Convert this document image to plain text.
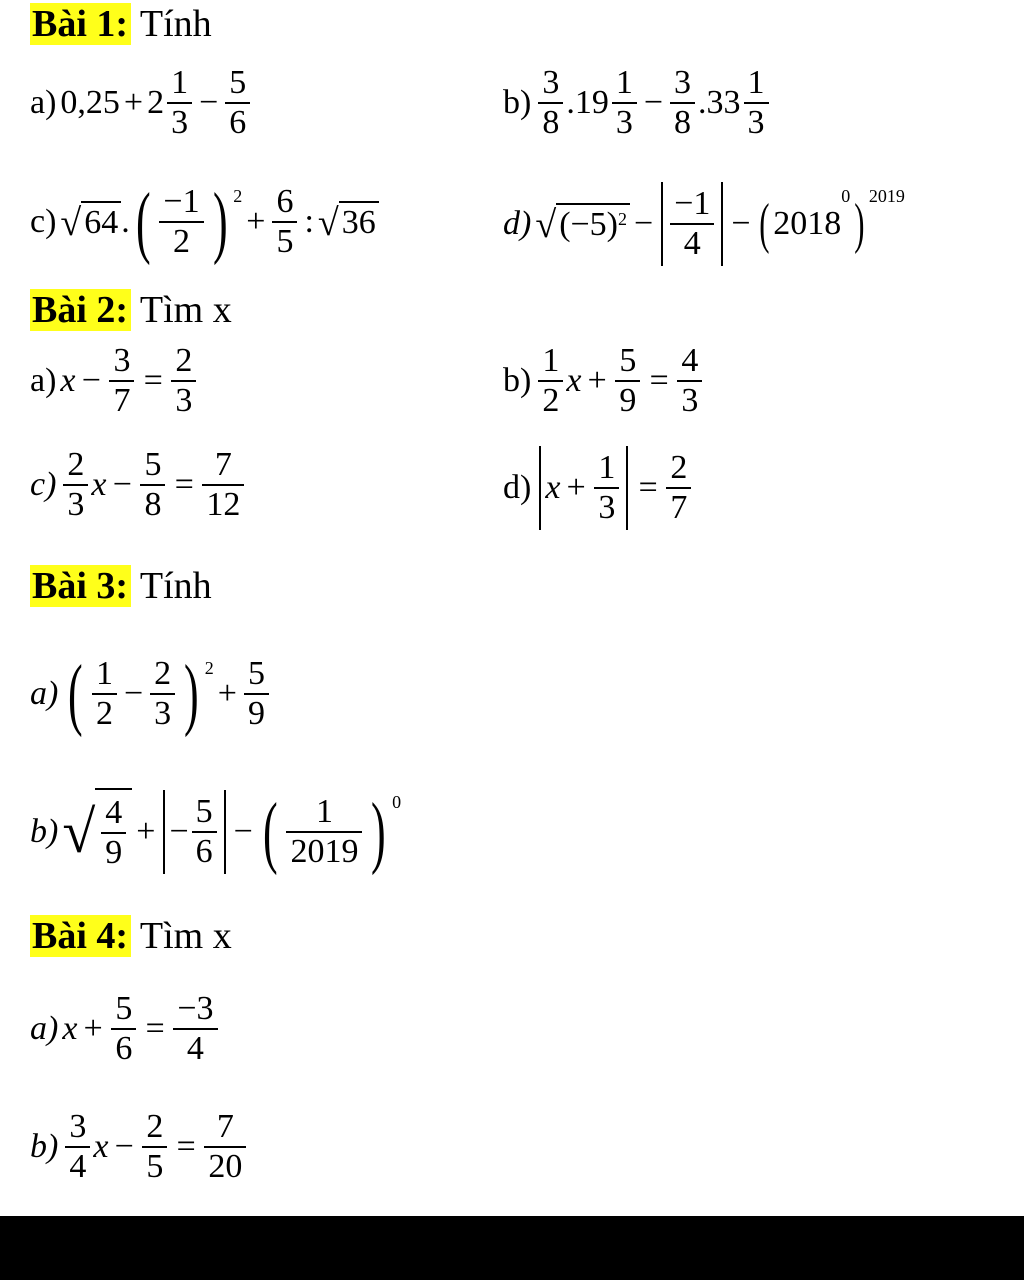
Bài 1: Tính
a) $0,25 + 2 \frac{1}{3} - \frac{5}{6}$	$b) \frac{3}{8} .19 \frac{1}{3} - \frac{3}{8} .33 \frac{1}{3}$
c) √ 64 . ( $\frac{-1}{2}$ ) 2
+ $\frac{6}{5}$ : √ 36	d) √ (−5) $2 - \frac{-1}{4}$ − ( 2018
0 ) 2019
Bài 2: Tìm x
a) $x - \frac{3}{7} = \frac{2}{3}$	$b) \frac{1}{2}$ $x + \frac{5}{9} = \frac{4}{3}$
$c) \frac{2}{3}$ $x - \frac{5}{8} = \frac{7}{12}$	d) $x + \frac{1}{3} = \frac{2}{7}$
Bài 3: Tính
a) ( $\frac{1}{2} - \frac{2}{3}$ ) 2
+ $\frac{5}{9}$
b) √ $\frac{4}{9}$ + − $\frac{5}{6}$ − ( $\frac{1}{2019}$ ) 0
Bài 4: Tìm x
a) $x + \frac{5}{6} = \frac{-3}{4}$
$b) \frac{3}{4}$ $x - \frac{2}{5} = \frac{7}{20}$
